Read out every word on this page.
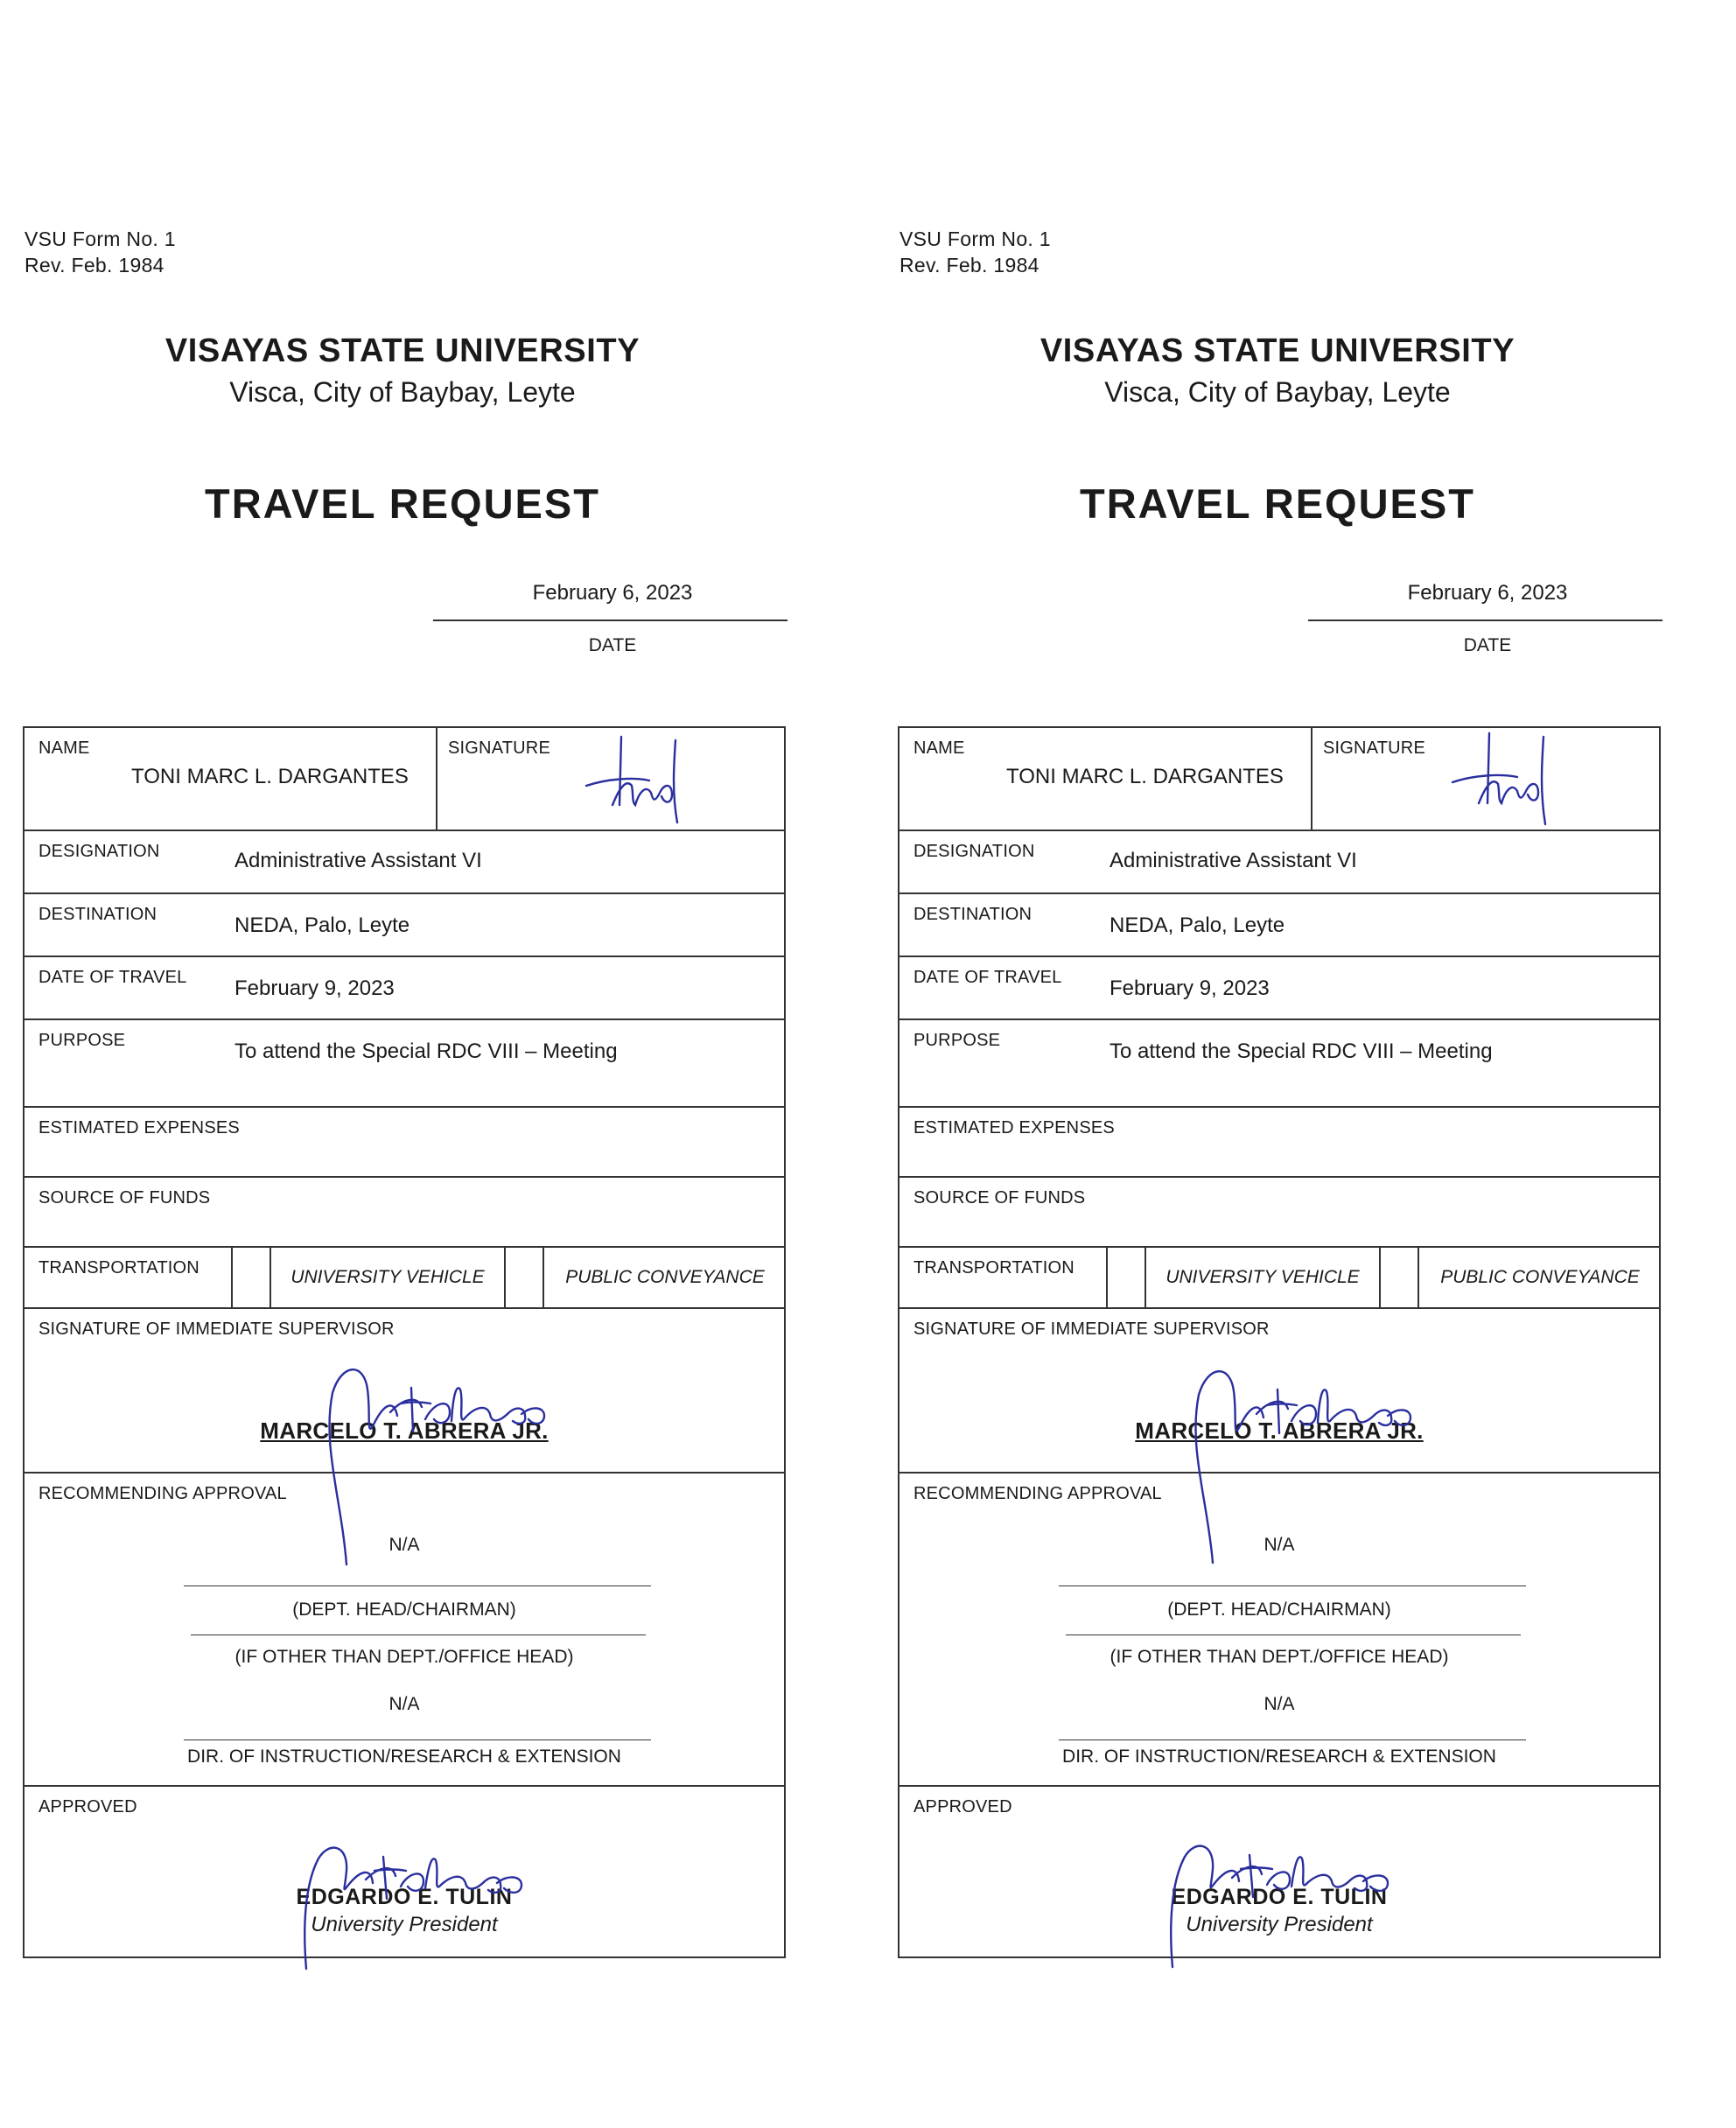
VSU Form No. 1
Rev. Feb. 1984
VISAYAS STATE UNIVERSITY
Visca, City of Baybay, Leyte
TRAVEL REQUEST
February 6, 2023
DATE
NAME
TONI MARC L. DARGANTES
SIGNATURE
DESIGNATION	Administrative Assistant VI
DESTINATION	NEDA, Palo, Leyte
DATE OF TRAVEL February 9, 2023
PURPOSE	To attend the Special RDC VIII – Meeting
ESTIMATED EXPENSES
SOURCE OF FUNDS
TRANSPORTATION	UNIVERSITY VEHICLE	PUBLIC CONVEYANCE
SIGNATURE OF IMMEDIATE SUPERVISOR
MARCELO T. ABRERA JR.
RECOMMENDING APPROVAL
N/A
(DEPT. HEAD/CHAIRMAN)
(IF OTHER THAN DEPT./OFFICE HEAD)
N/A
DIR. OF INSTRUCTION/RESEARCH & EXTENSION
APPROVED
EDGARDO E. TULIN
University President
VSU Form No. 1
Rev. Feb. 1984
VISAYAS STATE UNIVERSITY
Visca, City of Baybay, Leyte
TRAVEL REQUEST
February 6, 2023
DATE
NAME
TONI MARC L. DARGANTES
SIGNATURE
DESIGNATION	Administrative Assistant VI
DESTINATION	NEDA, Palo, Leyte
DATE OF TRAVEL February 9, 2023
PURPOSE	To attend the Special RDC VIII – Meeting
ESTIMATED EXPENSES
SOURCE OF FUNDS
TRANSPORTATION	UNIVERSITY VEHICLE	PUBLIC CONVEYANCE
SIGNATURE OF IMMEDIATE SUPERVISOR
MARCELO T. ABRERA JR.
RECOMMENDING APPROVAL
N/A
(DEPT. HEAD/CHAIRMAN)
(IF OTHER THAN DEPT./OFFICE HEAD)
N/A
DIR. OF INSTRUCTION/RESEARCH & EXTENSION
APPROVED
EDGARDO E. TULIN
University President
